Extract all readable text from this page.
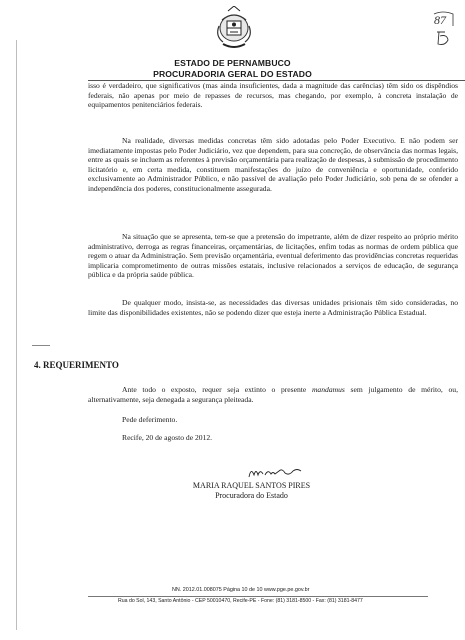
87
ESTADO DE PERNAMBUCO
PROCURADORIA GERAL DO ESTADO
isso é verdadeiro, que significativos (mas ainda insuficientes, dada a magnitude das carências) têm sido os dispêndios federais, não apenas por meio de repasses de recursos, mas chegando, por exemplo, à concreta instalação de equipamentos penitenciários federais.
Na realidade, diversas medidas concretas têm sido adotadas pelo Poder Executivo. E não podem ser imediatamente impostas pelo Poder Judiciário, vez que dependem, para sua concreção, de observância das normas legais, entre as quais se incluem as referentes à previsão orçamentária para realização de despesas, à submissão de procedimento licitatório e, em certa medida, constituem manifestações do juízo de conveniência e oportunidade, conferido exclusivamente ao Administrador Público, e não passível de avaliação pelo Poder Judiciário, sob pena de se ofender a independência dos poderes, constitucionalmente assegurada.
Na situação que se apresenta, tem-se que a pretensão do impetrante, além de dizer respeito ao próprio mérito administrativo, derroga as regras financeiras, orçamentárias, de licitações, enfim todas as normas de ordem pública que regem o atuar da Administração. Sem previsão orçamentária, eventual deferimento das providências concretas requeridas implicaria comprometimento de outras missões estatais, inclusive relacionados a serviços de educação, de segurança pública e da própria saúde pública.
De qualquer modo, insista-se, as necessidades das diversas unidades prisionais têm sido consideradas, no limite das disponibilidades existentes, não se podendo dizer que esteja inerte a Administração Pública Estadual.
4. REQUERIMENTO
Ante todo o exposto, requer seja extinto o presente mandamus sem julgamento de mérito, ou, alternativamente, seja denegada a segurança pleiteada.
Pede deferimento.
Recife, 20 de agosto de 2012.
MARIA RAQUEL SANTOS PIRES
Procuradora do Estado
NN. 2012.01.008075 Página 10 de 10 www.pge.pe.gov.br
Rua do Sol, 143, Santo Antônio - CEP 50010470, Recife-PE - Fone: (81) 3181-8500 - Fax: (81) 3181-8477
